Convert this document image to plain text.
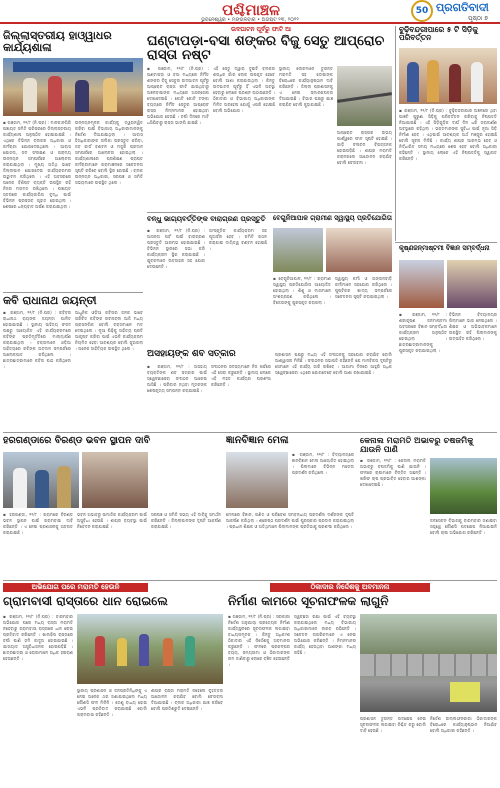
ପଶ୍ଚିମାଞ୍ଚଳ
ଭୁବନେଶ୍ୱର • ମଙ୍ଗଳବାର • ଅଗଷ୍ଟ ୨୩, ୨୦୨୨
50 ପ୍ରଗତିବାଦୀ
ପୃଷ୍ଠା ୭
ଜିଲ୍ଲାସ୍ତରୀୟ ହାଓ୍ୱାଧର କାର୍ଯ୍ୟଶାଳା
▪ ଗଞ୍ଜାମ, ୨୨/୮ (ନି.ପ୍ର) : ମାଳକାନଗିରି ପଞ୍ଚାୟତ ସମିତି ପରିସରରେ ଜିଲ୍ଲାସ୍ତରୀୟ କାର୍ଯ୍ୟଶାଳା ଅନୁଷ୍ଠିତ ହୋଇଯାଇଛି । ଏଥିରେ ବିଭିନ୍ନ ବ୍ଲକର ଅଧିକାରୀ ଓ କର୍ମଚାରୀ ଯୋଗଦେଇଥିଲେ । ଆବାସ ଯୋଜନା, ଜଳ ସଂରକ୍ଷଣ ଓ ଗ୍ରାମ୍ୟ ଉନ୍ନୟନ ସମ୍ପର୍କରେ ଆଲୋଚନା କରାଯାଇଥିଲା । ମୁଖ୍ୟ ଅତିଥି ଭାବେ ଜିଲ୍ଲାପାଳ ଯୋଗଦେଇ କାର୍ଯ୍ୟକ୍ରମର ଉଦ୍ଘାଟନ କରିଥିଲେ । ଏହି ଅବସରରେ ଅନେକ ବିଶିଷ୍ଟ ବ୍ୟକ୍ତି ଉପସ୍ଥିତ ରହି ନିଜର ମତାମତ ରଖିଥିଲେ । ପଞ୍ଚାୟତ ସ୍ତରରେ କାର୍ଯ୍ୟକାରିତା ବୃଦ୍ଧି ପାଇଁ ବିଭିନ୍ନ ପ୍ରସ୍ତାବ ଗୃହୀତ ହୋଇଥିଲା । ଶେଷରେ ଧନ୍ୟବାଦ ଅର୍ପଣ କରାଯାଇଥିଲା ।
ଉନ୍ନୟନମୂଳକ କାର୍ଯ୍ୟକୁ ତ୍ୱରାନ୍ୱିତ କରିବା ପାଇଁ ବିଭାଗୀୟ ଅଧିକାରୀମାନଙ୍କୁ ନିର୍ଦ୍ଦେଶ ଦିଆଯାଇଥିଲା । ଆବାସ ହିତାଧିକାରୀଙ୍କ ତାଲିକା ପ୍ରସ୍ତୁତ କରିବା, ଜବ କାର୍ଡ ବଣ୍ଟନ ଓ ମଜୁରି ପ୍ରଦାନ ସମ୍ପର୍କରେ ଆଲୋଚନା ହୋଇଥିଲା । କାର୍ଯ୍ୟଶାଳାରେ ପ୍ରଶିକ୍ଷଣ ପ୍ରାପ୍ତ କର୍ମଚାରୀମାନେ ଗ୍ରାମାଞ୍ଚଳରେ ସଚେତନତା ସୃଷ୍ଟି କରିବେ ବୋଲି ସ୍ଥିର ହୋଇଛି । ବ୍ଲକ ଉନ୍ନୟନ ଅଧିକାରୀ, ସରପଞ୍ଚ ଓ ସମିତି ସଭ୍ୟମାନେ ଉପସ୍ଥିତ ଥିଲେ ।
ଉଦଘାଟନ ପୂର୍ବରୁ ଫାଟି ଆ
ଘଣ୍ଟାପଡ଼ା-ବସା ଶଙ୍କର ବିଜୁ ସେତୁ ଆପ୍ରୋଚ ରାସ୍ତା ନଷ୍ଟ
▪ ଗଞ୍ଜାମ, ୨୨/୮ (ନି.ପ୍ର) : ଘଣ୍ଟାପଡ଼ା ଓ ବସା ମଧ୍ୟରେ ନିର୍ମିତ ଶଙ୍କର ବିଜୁ ସେତୁର ଉଦଘାଟନ ପୂର୍ବରୁ ଆପ୍ରୋଚ ରାସ୍ତା ଫାଟି ଯାଇଥିବାରୁ ଅଞ୍ଚଳବାସୀଙ୍କ ମଧ୍ୟରେ ଅସନ୍ତୋଷ ଦେଖାଦେଇଛି । କୋଟି କୋଟି ଟଙ୍କା ବ୍ୟୟରେ ନିର୍ମିତ ସେତୁର ଆପ୍ରୋଚ ରାସ୍ତା ନିମ୍ନମାନର ହୋଇଥିବା ଅଭିଯୋଗ ହେଉଛି । ବର୍ଷା ଦିନରେ ମାଟି ଧସିଯିବାରୁ ରାସ୍ତା ଭାଙ୍ଗି ଯାଇଛି ।
ଏହି ସେତୁ ଦ୍ୱାରା ଦୁଇଟି ବ୍ଲକର ଶତାଧିକ ଗାଁର ଲୋକ ଉପକୃତ ହେବେ ବୋଲି ଆଶା କରାଯାଉଥିଲା । କିନ୍ତୁ ଉଦଘାଟନ ପୂର୍ବରୁ ହିଁ ଏଭଳି ଅବସ୍ଥା ହେବାରୁ ଲୋକେ ପ୍ରଶ୍ନ ଉଠାଉଛନ୍ତି । ଠିକାଦାର ଓ ବିଭାଗୀୟ ଅଧିକାରୀଙ୍କ ମିଳିତ ଅବହେଳା ଯୋଗୁଁ ଏପରି ହୋଇଛି ବୋଲି ଅଭିଯୋଗ ।
ସ୍ଥାନୀୟ ଲୋକମାନେ ତୁରନ୍ତ ମରାମତି ସହ ଦୋଷୀଙ୍କ ବିରୋଧରେ କାର୍ଯ୍ୟାନୁଷ୍ଠାନ ଦାବି କରିଛନ୍ତି । ଜିଲ୍ଲା ପ୍ରଶାସନକୁ ଏ ନେଇ ସ୍ମାରକପତ୍ର ଦିଆଯାଇଛି । ବିଭାଗ ପକ୍ଷରୁ ଯାଞ୍ଚ କରାଯିବ ବୋଲି କୁହାଯାଇଛି ।
ଆପ୍ରୋଚ ରାସ୍ତାର ଉଭୟ ପାର୍ଶ୍ୱରେ ଫାଟ ସୃଷ୍ଟି ହୋଇଛି । ଗାଡ଼ି ଚଳାଚଳ ବିପଜ୍ଜନକ ହୋଇପଡ଼ିଛି । ଶୀଘ୍ର ମରାମତି କରାନଗଲେ ଆନ୍ଦୋଳନ କରାଯିବ ବୋଲି ଚେତାବନୀ ।
ବୁଢ଼ିବନ୍ଦରୀପାରେ ୫ ଟି ସିଡ଼ିକୁ ପରିବର୍ତ୍ତନ
▪ ଗଞ୍ଜାମ, ୨୨/୮ (ନି.ପ୍ର) : ବୁଢ଼ିବନ୍ଦରୀପାର ଅଞ୍ଚଳରେ ଥିବା ପାଞ୍ଚଟି ପୁରୁଣା ସିଡ଼ିକୁ ପରିବର୍ତ୍ତନ କରିବାକୁ ନିଷ୍ପତ୍ତି ନିଆଯାଇଛି । ଏହି ସିଡ଼ିଗୁଡ଼ିକ ଦୀର୍ଘ ଦିନ ଧରି ଜରାଜୀର୍ଣ୍ଣ ଅବସ୍ଥାରେ ରହିଥିଲା । ଭକ୍ତମାନଙ୍କ ସୁବିଧା ପାଇଁ ନୂଆ ସିଡ଼ି ନିର୍ମାଣ ହେବ । ଏଥିପାଇଁ ଆବଶ୍ୟକ ଅର୍ଥ ମଞ୍ଜୁର ହୋଇଛି ବୋଲି ସୂଚନା ମିଳିଛି । କାର୍ଯ୍ୟ ଶୀଘ୍ର ଆରମ୍ଭ ହେବ ଓ ନିର୍ଦ୍ଧାରିତ ସମୟ ମଧ୍ୟରେ ଶେଷ ହେବ ବୋଲି ଅଧିକାରୀ କହିଛନ୍ତି । ସ୍ଥାନୀୟ ଲୋକେ ଏହି ନିଷ୍ପତ୍ତିକୁ ସ୍ୱାଗତ କରିଛନ୍ତି ।
ବନ୍ଧୁ ଭାଗ୍ୟବର୍ତ୍ତିଙ୍କ ବାରାଗ୍ରଣ ପ୍ରସ୍ତୁତି
▪ ଗଞ୍ଜାମ, ୨୨/୮ (ନି.ପ୍ର) : ଆସନ୍ତା ପର୍ବ ପାଇଁ ବାରାଗ୍ରଣ ପ୍ରସ୍ତୁତି ଆରମ୍ଭ ହୋଇଯାଇଛି । ବିଭିନ୍ନ ସ୍ଥାନରେ ସଭା କରି କାର୍ଯ୍ୟକ୍ରମ ସ୍ଥିର କରାଯାଇଛି । ଯୁବକମାନେ ଉତ୍ସାହର ସହ ଯୋଗ ଦେଉଛନ୍ତି ।
ସାଂସ୍କୃତିକ କାର୍ଯ୍ୟକ୍ରମ ସହ ପୂଜାର୍ଚ୍ଚନା ହେବ । କମିଟି ଗଠନ କରାଯାଇ ଦାୟିତ୍ୱ ବଣ୍ଟନ ହୋଇଛି ।
ବେଗୁନିଆପାଳ ଗ୍ରାମୀଣ ସ୍ୱାସ୍ଥ୍ୟ ପ୍ରତିଯୋଗିତା
▪ ବେଗୁନିଆପାଳ, ୨୨/୮ : ଗ୍ରାମୀଣ ସ୍ୱାସ୍ଥ୍ୟ ପ୍ରତିଯୋଗିତା ଆୟୋଜିତ ହୋଇଥିଲା । ଶିଶୁ ଓ ମାତାମାନେ ଅଂଶଗ୍ରହଣ କରିଥିଲେ । ବିଜେତାଙ୍କୁ ପୁରସ୍କୃତ କରାଗଲା ।
ସ୍ୱାସ୍ଥ୍ୟ କର୍ମୀ ଓ ଅଙ୍ଗନବାଡ଼ି କର୍ମୀମାନେ ସହଯୋଗ କରିଥିଲେ । ପୁଷ୍ଟିକର ଖାଦ୍ୟ ସମ୍ପର୍କରେ ସଚେତନତା ସୃଷ୍ଟି କରାଯାଇଥିଲା ।
କବି ରାଧାନାଥ ଜୟନ୍ତୀ
▪ ଗଞ୍ଜାମ, ୨୨/୮ (ନି.ପ୍ର) : କବିବର ରାଧାନାଥ ରାୟଙ୍କ ଜୟନ୍ତୀ ପାଳିତ ହୋଇଯାଇଛି । ସ୍ଥାନୀୟ ସାହିତ୍ୟ ସଂସଦ ପକ୍ଷରୁ ଆୟୋଜିତ ଏହି କାର୍ଯ୍ୟକ୍ରମରେ କବିଙ୍କ ପ୍ରତିମୂର୍ତ୍ତିରେ ମାଲ୍ୟାର୍ପଣ କରାଯାଇଥିଲା । ବକ୍ତାମାନେ ଓଡ଼ିଆ ସାହିତ୍ୟରେ କବିଙ୍କ ଅବଦାନ ସମ୍ପର୍କରେ ଆଲୋକପାତ କରିଥିଲେ । ଛାତ୍ରଛାତ୍ରୀମାନେ କବିତା ପାଠ କରିଥିଲେ ।
ଆଧୁନିକ ଓଡ଼ିଆ କବିତାର ଜନକ ଭାବେ ପରିଚିତ କବିଙ୍କ ରଚନାବଳୀ ଆଜି ମଧ୍ୟ ପ୍ରାସଙ୍ଗିକ ବୋଲି ବକ୍ତାମାନେ ମତ ଦେଇଥିଲେ । ନୂଆ ପିଢ଼ିକୁ ସାହିତ୍ୟ ପ୍ରତି ଆକୃଷ୍ଟ କରିବା ପାଇଁ ଏଭଳି କାର୍ଯ୍ୟକ୍ରମ ନିୟମିତ ହେବା ଆବଶ୍ୟକ ବୋଲି କୁହାଗଲା । ଅନେକ ସାହିତ୍ୟିକ ଉପସ୍ଥିତ ଥିଲେ ।
ଅସହାୟଙ୍କ ଶବ ସତ୍କାର
▪ ଗଞ୍ଜାମ, ୨୨/୮ : ଅସହାୟ ବ୍ୟକ୍ତିଙ୍କ ଶବ ସତ୍କାର ପାଇଁ ସ୍ୱେଚ୍ଛାସେବୀ ସଂଗଠନ ଆଗେଇ ଆସିଛି । ପରିବାର ନଥିବା ମୃତକଙ୍କ ଶେଷକୃତ୍ୟ ସମ୍ପନ୍ନ କରାଯାଇଛି ।
ସଂଗଠନର ସଦସ୍ୟମାନେ ନିଜ ଖର୍ଚ୍ଚରେ ଏହି ସେବା କରୁଛନ୍ତି । ସ୍ଥାନୀୟ ଲୋକେ ଏହି ମହତ କାର୍ଯ୍ୟର ପ୍ରଶଂସା କରିଛନ୍ତି ।
ପ୍ରଶାସନ ପକ୍ଷରୁ ମଧ୍ୟ ଏହି ସଂଗଠନକୁ ସହଯୋଗ କରାଯିବ ବୋଲି ଆଶ୍ୱାସନା ମିଳିଛି । ସଂଗଠନର ସଭାପତି କହିଛନ୍ତି ଯେ ମାନବିକତା ଦୃଷ୍ଟିରୁ ସେମାନେ ଏହି କାର୍ଯ୍ୟ ଜାରି ରଖିବେ । ଆଗାମୀ ଦିନରେ ଆହୁରି ଅଧିକ ସ୍ୱେଚ୍ଛାସେବୀ ଏଥିରେ ଯୋଗଦେବେ ବୋଲି ଆଶା ରଖାଯାଇଛି ।
କୃଷ୍ଣଜନ୍ମାଷ୍ଟମୀ ବିଜ୍ଞାନ ସମ୍ବର୍ଦ୍ଧନା
▪ ଗଞ୍ଜାମ, ୨୨/୮ : ଶ୍ରୀକୃଷ୍ଣ ଜନ୍ମାଷ୍ଟମୀ ଅବସରରେ ବିଜ୍ଞାନ ସମ୍ବର୍ଦ୍ଧନା କାର୍ଯ୍ୟକ୍ରମ ଅନୁଷ୍ଠିତ ହୋଇଥିଲା । ଛାତ୍ରଛାତ୍ରୀମାନଙ୍କୁ ପୁରସ୍କୃତ କରାଯାଇଥିଲା ।
ବିଭିନ୍ନ ବିଦ୍ୟାଳୟର ପିଲାମାନେ ଭାଗ ନେଇଥିଲେ । ଶିକ୍ଷକ ଓ ଅଭିଭାବକମାନେ ଉପସ୍ଥିତ ରହି ପିଲାମାନଙ୍କୁ ଉତ୍ସାହିତ କରିଥିଲେ ।
ହରଗଣ୍ଡାରେ ବିରଣ୍ଡ ଭବନ ସ୍ଥାପନ ଦାବି
▪ ହରଗଣ୍ଡା, ୨୨/୮ : ଗ୍ରାମରେ ବିରଣ୍ଡ ଭବନ ସ୍ଥାପନ ପାଇଁ ଗ୍ରାମବାସୀ ଦାବି କରିଛନ୍ତି । ଏ ନେଇ ପ୍ରଶାସନକୁ ଅବଗତ କରାଯାଇଛି ।
ଭବନ ଅଭାବରୁ ସାମାଜିକ କାର୍ଯ୍ୟକ୍ରମ ପାଇଁ ଅସୁବିଧା ହେଉଛି । ଶୀଘ୍ର ବ୍ୟବସ୍ଥା ପାଇଁ ନିବେଦନ କରାଯାଇଛି ।
ସରପଞ୍ଚ ଓ ସମିତି ସଭ୍ୟ ଏହି ଦାବିକୁ ସମର୍ଥନ କରିଛନ୍ତି । ଜିଲ୍ଲାପାଳଙ୍କ ଦୃଷ୍ଟି ଆକର୍ଷଣ କରାଯାଇଛି ।
ଜ୍ଞାନବିଜ୍ଞାନ ମେଳା
▪ ଗଞ୍ଜାମ, ୨୨/୮ : ବିଦ୍ୟାଳୟରେ ଜ୍ଞାନବିଜ୍ଞାନ ମେଳା ଆୟୋଜିତ ହୋଇଥିଲା । ପିଲାମାନେ ବିଭିନ୍ନ ମଡେଲ ପ୍ରଦର୍ଶନ କରିଥିଲେ ।
ମେଳାରେ ବିଜ୍ଞାନ, ଗଣିତ ଓ ପରିବେଶ ସମ୍ବନ୍ଧୀୟ ପ୍ରଦର୍ଶନୀ ଦର୍ଶକଙ୍କ ଦୃଷ୍ଟି ଆକର୍ଷଣ କରିଥିଲା । ଶ୍ରେଷ୍ଠ ପ୍ରଦର୍ଶନ ପାଇଁ ପୁରସ୍କାର ପ୍ରଦାନ କରାଯାଇଥିଲା । ପ୍ରଧାନ ଶିକ୍ଷକ ଓ ଅତିଥିମାନେ ପିଲାମାନଙ୍କ ପ୍ରତିଭାକୁ ପ୍ରଶଂସା କରିଥିଲେ ।
କେନାଲ ମରାମତି ଅଭାବରୁ ଚଷଜମିକୁ ଯାଉନି ପାଣି
▪ ଗଞ୍ଜାମ, ୨୨/୮ : କେନାଲ ମରାମତି ଅଭାବରୁ ଚଷଜମିକୁ ପାଣି ଯାଉନି । ଫଳରେ ଚାଷୀମାନେ ଚିନ୍ତିତ ଅଛନ୍ତି । ଖରିଫ ଚାଷ ପ୍ରଭାବିତ ହେବାର ଆଶଙ୍କା ଦେଖାଦେଇଛି ।
ଜଳସେଚନ ବିଭାଗକୁ ବାରମ୍ବାର ଜଣାଇବା ସତ୍ତ୍ୱେ କୌଣସି ପଦକ୍ଷେପ ନିଆଯାଇନି ବୋଲି ଚାଷୀ ଅଭିଯୋଗ କରିଛନ୍ତି ।
ଅଭିଯୋଗ ପରେ ମରାମତି ହେଉନି
ଗ୍ରାମବାସୀ ରାସ୍ତାରେ ଧାନ ରୋଇଲେ
▪ ଗଞ୍ଜାମ, ୨୨/୮ (ନି.ପ୍ର) : ବାରମ୍ବାର ଅଭିଯୋଗ ପରେ ମଧ୍ୟ ରାସ୍ତା ମରାମତି ନହେବାରୁ ଗ୍ରାମବାସୀ ରାସ୍ତାରେ ଧାନ ରୋଇ ପ୍ରତିବାଦ କରିଛନ୍ତି । ଖାଲଢିପ ରାସ୍ତାରେ ବର୍ଷା ପାଣି ଜମି କାଦୁଅ ହୋଇଯାଇଛି । ଯାତାୟାତ ଅସୁବିଧାଜନକ ହୋଇପଡ଼ିଛି । ଛାତ୍ରଛାତ୍ରୀ ଓ ରୋଗୀମାନେ ଅଧିକ ହଇରାଣ ହେଉଛନ୍ତି ।
ସ୍ଥାନୀୟ ପ୍ରଶାସନ ଓ ଜନପ୍ରତିନିଧିଙ୍କୁ ଏ ନେଇ ଅନେକ ଥର ଜଣାଯାଇଥିଲେ ମଧ୍ୟ କୌଣସି ଫଳ ମିଳିନି । ତେଣୁ ବାଧ୍ୟ ହୋଇ ଏଭଳି ପ୍ରତିବାଦ କରାଯାଇଛି ବୋଲି ଗ୍ରାମବାସୀ କହିଛନ୍ତି ।
ଶୀଘ୍ର ରାସ୍ତା ମରାମତି ନହେଲେ ବୃହତ୍ତର ଆନ୍ଦୋଳନ କରାଯିବ ବୋଲି ଚେତାବନୀ ଦିଆଯାଇଛି । ବ୍ଲକ ଅଧିକାରୀ ଯାଞ୍ଚ କରିବେ ବୋଲି ପ୍ରତିଶ୍ରୁତି ଦେଇଛନ୍ତି ।
ଠିକାଦାର ନିର୍ଦ୍ଦେଶକୁ ଅବମାନନା
ନିର୍ମାଣ କାମରେ ସୂଚନାଫଳକ ଲାଗୁନି
▪ ଗଞ୍ଜାମ, ୨୨/୮ (ନି.ପ୍ର) : ସରକାରୀ ନିର୍ଦ୍ଦେଶ ଅନୁଯାୟୀ ପ୍ରତ୍ୟେକ ନିର୍ମାଣ କାର୍ଯ୍ୟସ୍ଥଳରେ ସୂଚନାଫଳକ ଲଗାଇବା ବାଧ୍ୟତାମୂଳକ । କିନ୍ତୁ ଅଧିକାଂଶ ଠିକାଦାର ଏହି ନିର୍ଦ୍ଦେଶକୁ ଅବମାନନା କରୁଛନ୍ତି । ଫଳରେ ପ୍ରକଳ୍ପର ବ୍ୟୟ, ସମୟସୀମା ଓ ଠିକାଦାରଙ୍କ ନାମ ଜାଣିବାରୁ ଲୋକେ ବଞ୍ଚିତ ହେଉଛନ୍ତି ।
ସ୍ୱଚ୍ଛତା ରକ୍ଷା ପାଇଁ ଏହି ବ୍ୟବସ୍ଥା କରାଯାଇଥିଲେ ମଧ୍ୟ ବିଭାଗୀୟ ଅଧିକାରୀମାନେ ନୀରବ ରହିଛନ୍ତି । ସଚେତନ ନାଗରିକମାନେ ଏ ନେଇ ଅଭିଯୋଗ କରିଛନ୍ତି । ନିମ୍ନମାନର କାର୍ଯ୍ୟ ହେଉଥିବା ଆଶଙ୍କା ମଧ୍ୟ ରହିଛି ।
ପ୍ରଶାସନ ତୁରନ୍ତ ପଦକ୍ଷେପ ନେଇ ସୂଚନାଫଳକ ଲଗାଇବା ନିଶ୍ଚିତ କରୁ ବୋଲି ଦାବି ହେଉଛି ।
ନିର୍ଦ୍ଦେଶ ଉଲ୍ଲଙ୍ଘନକାରୀ ଠିକାଦାରଙ୍କ ବିରୋଧରେ କାର୍ଯ୍ୟାନୁଷ୍ଠାନ ନିଆଯିବ ବୋଲି ଅଧିକାରୀ କହିଛନ୍ତି ।
